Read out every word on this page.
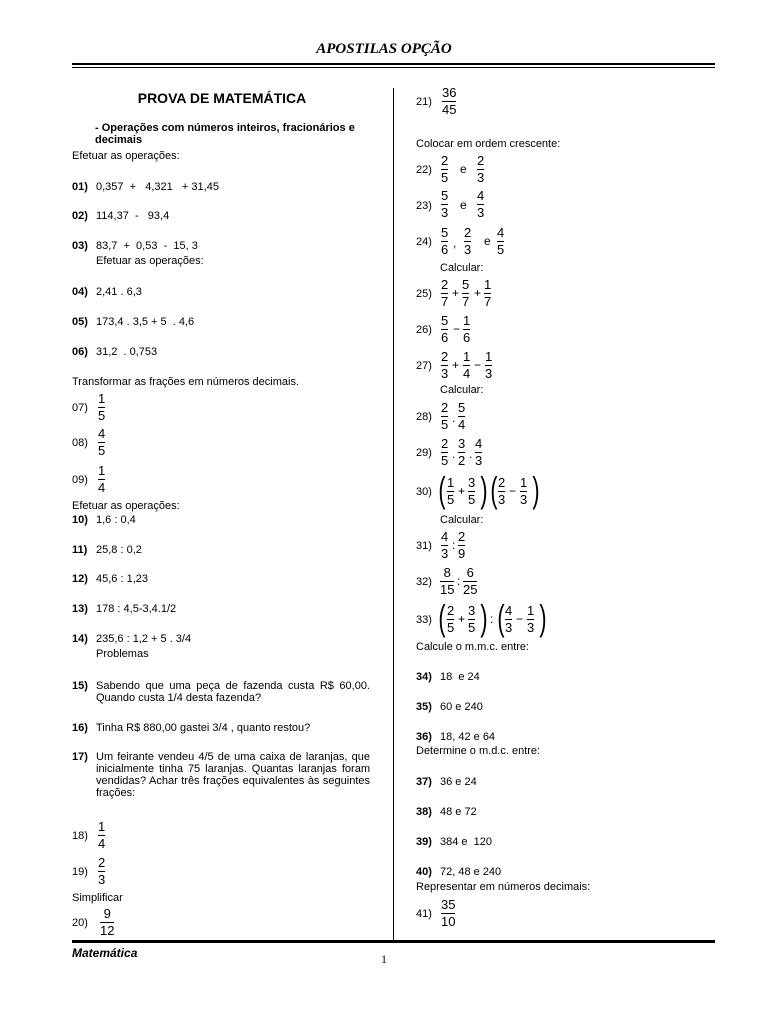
APOSTILAS OPÇÃO
PROVA DE MATEMÁTICA
- Operações com números inteiros, fracionários e decimais
Efetuar as operações:
01) 0,357  +   4,321   + 31,45
02) 114,37  -   93,4
03) 83,7  +  0,53  -  15, 3
Efetuar as operações:
04) 2,41 . 6,3
05) 173,4 . 3,5 + 5  . 4,6
06) 31,2  . 0,753
Transformar as frações em números decimais.
07)
1
5
08)
4
5
09)
1
4
Efetuar as operações:
10) 1,6 : 0,4
11) 25,8 : 0,2
12) 45,6 : 1,23
13) 178 : 4,5-3,4.1/2
14) 235,6 : 1,2 + 5 . 3/4
Problemas
15) Sabendo que uma peça de fazenda custa R$ 60,00. Quando custa 1/4 desta fazenda?
16) Tinha R$ 880,00 gastei 3/4 , quanto restou?
17) Um feirante vendeu 4/5 de uma caixa de laranjas, que inicialmente tinha 75 laranjas. Quantas laranjas foram vendidas? Achar três frações equivalentes às seguintes frações:
18)
1
4
19)
2
3
Simplificar
20)
9
12
21)
36
45
Colocar em ordem crescente:
22)
2
5
e
2
3
23)
5
3 e
4
3
24)
5
6 ,
2
3
e
4
5
Calcular:
25)
2
7
+
5
7
+
1
7
26)
5
6
−
1
6
27)
2
3
+
1
4
−
1
3
Calcular:
28)
2
5 .
5
4
29)
2
5 .
3
2 .
4
3
30) ( 1
5
+
3
5 ) ( 2
3
−
1
3 )
Calcular:
31)
4
3
:
2
9
32)
8
15
:
6
25
33) ( 2
5
+
3
5 ) : ( 4
3
−
1
3 )
Calcule o m.m.c. entre:
34) 18  e 24
35) 60 e 240
36) 18, 42 e 64
Determine o m.d.c. entre:
37) 36 e 24
38) 48 e 72
39) 384 e  120
40) 72, 48 e 240
Representar em números decimais:
41)
35
10
Matemática	1
